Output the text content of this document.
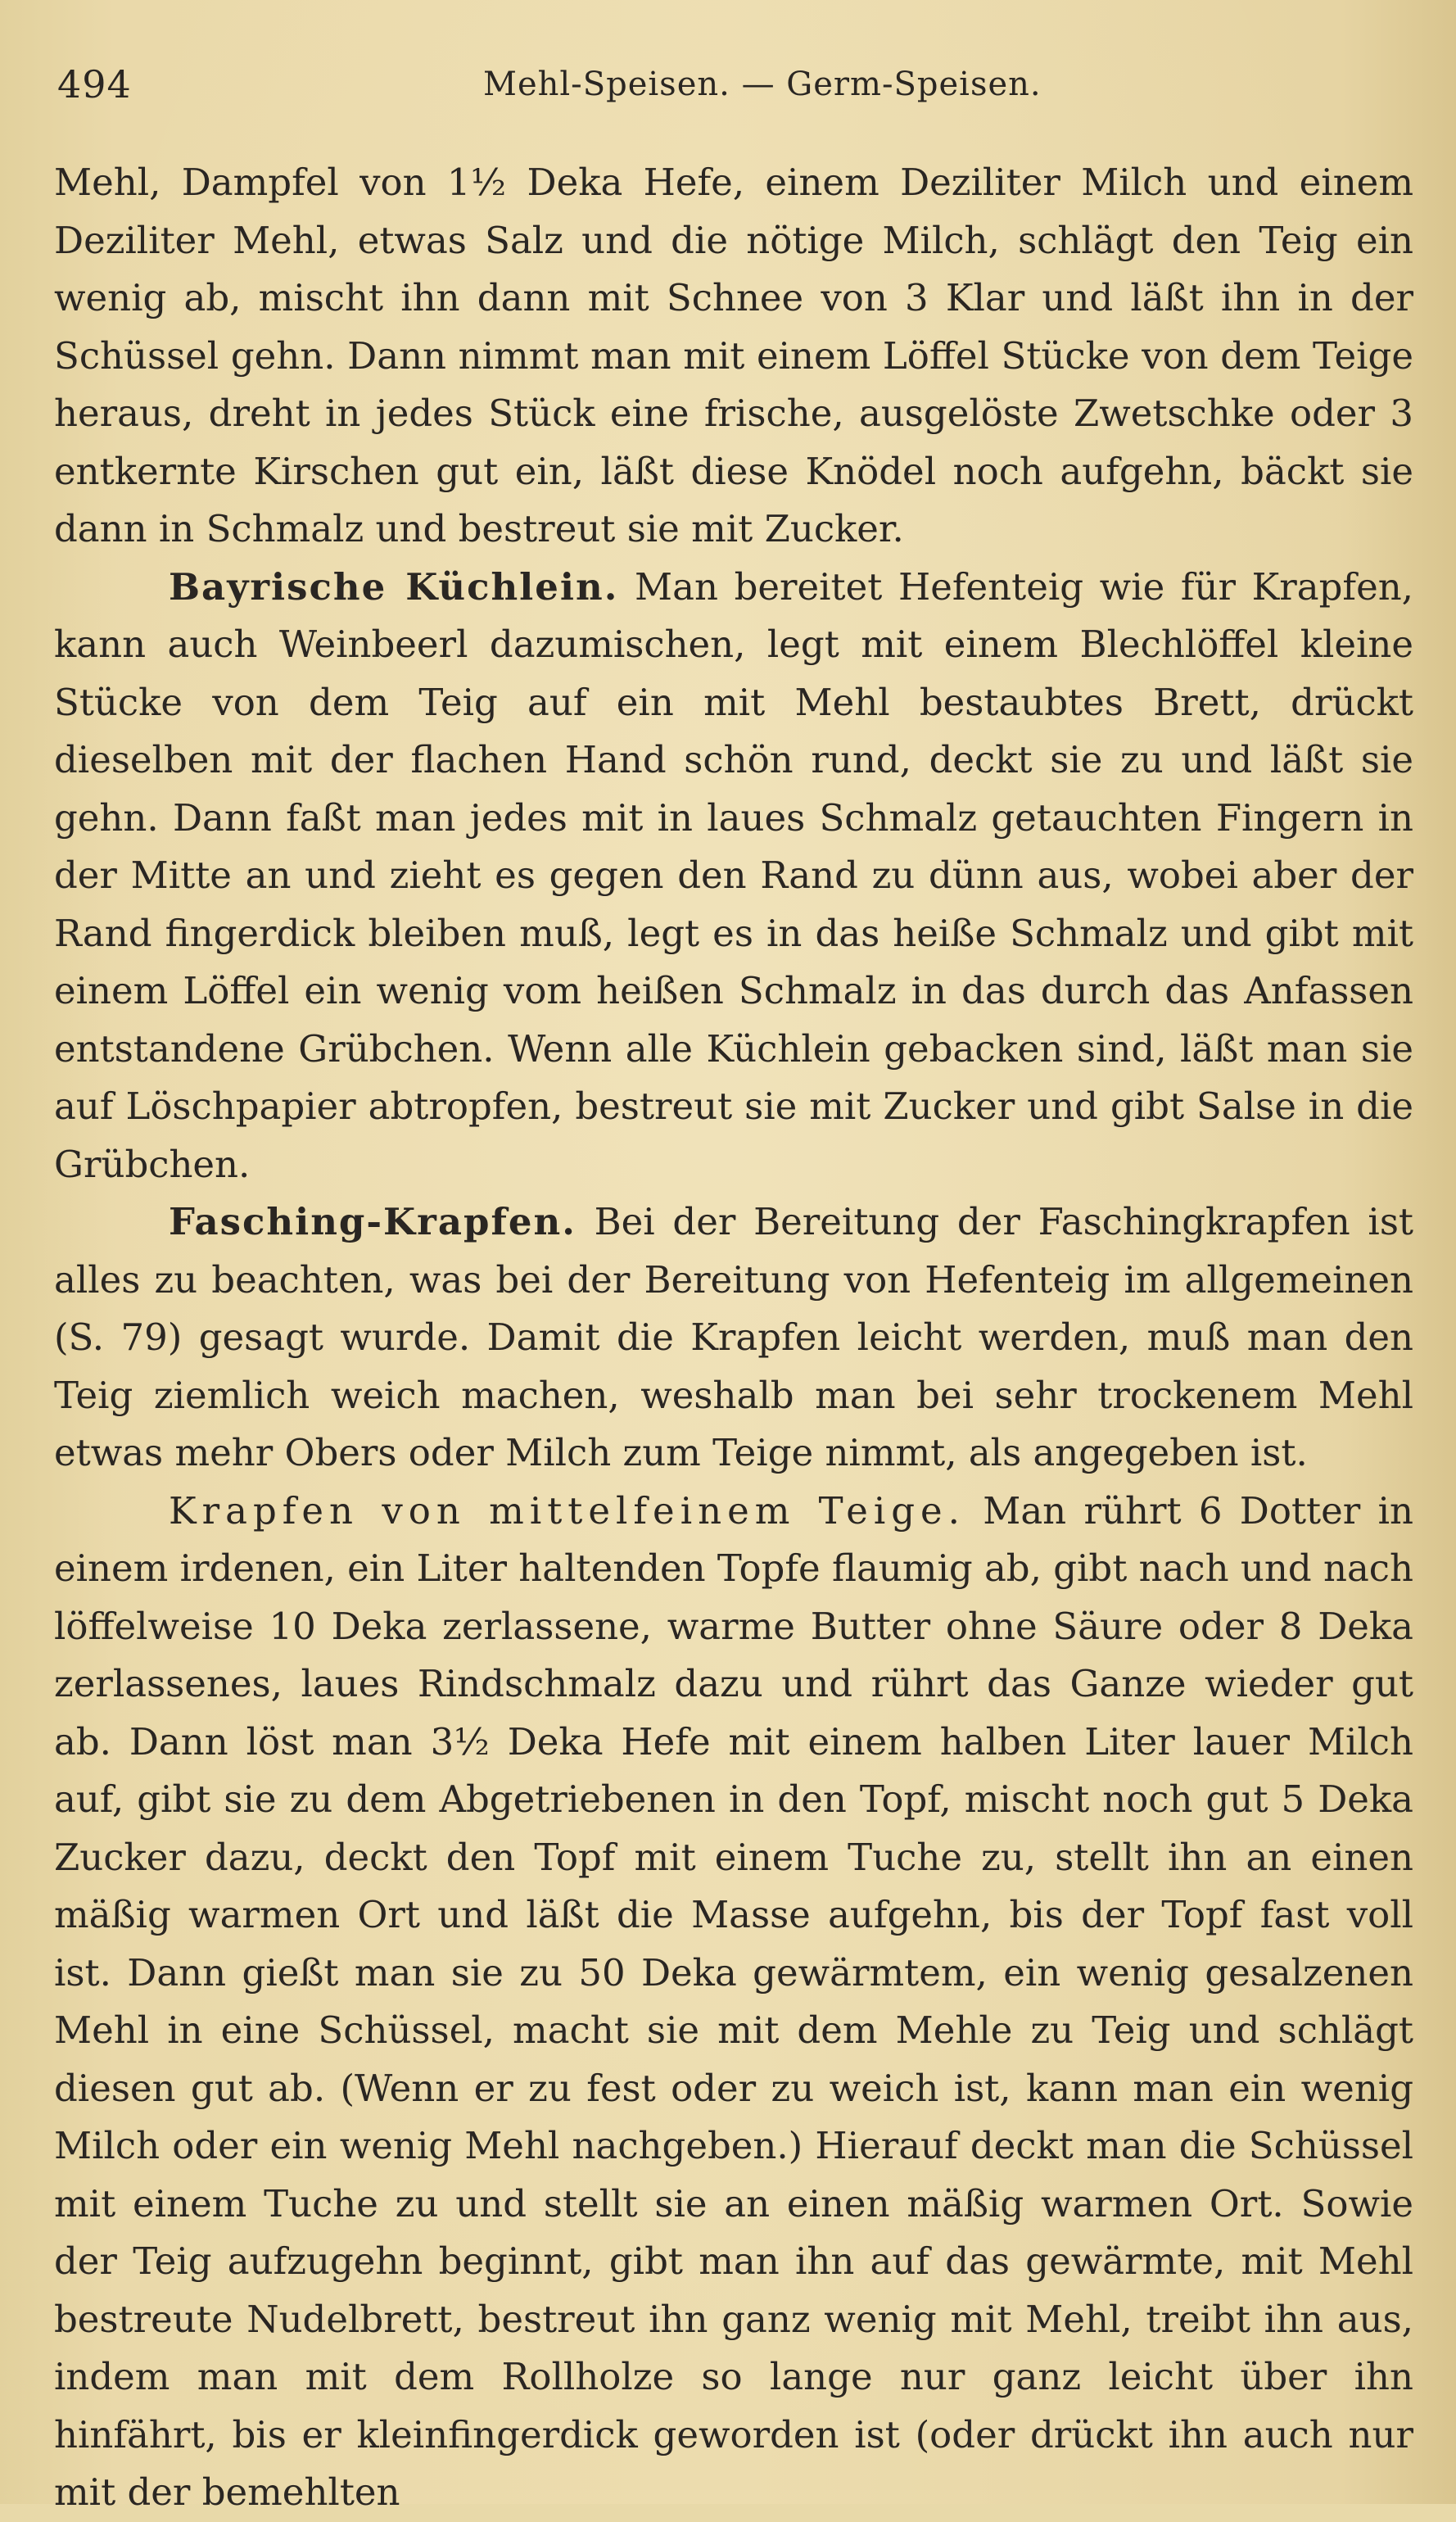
494	Mehl-Speisen. — Germ-Speisen.

Mehl, Dampfel von 1½ Deka Hefe, einem Deziliter Milch und einem Deziliter Mehl, etwas Salz und die nötige Milch, schlägt den Teig ein wenig ab, mischt ihn dann mit Schnee von 3 Klar und läßt ihn in der Schüssel gehn. Dann nimmt man mit einem Löffel Stücke von dem Teige heraus, dreht in jedes Stück eine frische, ausgelöste Zwetschke oder 3 entkernte Kirschen gut ein, läßt diese Knödel noch aufgehn, bäckt sie dann in Schmalz und bestreut sie mit Zucker.

Bayrische Küchlein. Man bereitet Hefenteig wie für Krapfen, kann auch Weinbeerl dazumischen, legt mit einem Blechlöffel kleine Stücke von dem Teig auf ein mit Mehl bestaubtes Brett, drückt dieselben mit der flachen Hand schön rund, deckt sie zu und läßt sie gehn. Dann faßt man jedes mit in laues Schmalz getauchten Fingern in der Mitte an und zieht es gegen den Rand zu dünn aus, wobei aber der Rand fingerdick bleiben muß, legt es in das heiße Schmalz und gibt mit einem Löffel ein wenig vom heißen Schmalz in das durch das Anfassen entstandene Grübchen. Wenn alle Küchlein gebacken sind, läßt man sie auf Löschpapier abtropfen, bestreut sie mit Zucker und gibt Salse in die Grübchen.

Fasching-Krapfen. Bei der Bereitung der Faschingkrapfen ist alles zu beachten, was bei der Bereitung von Hefenteig im allgemeinen (S. 79) gesagt wurde. Damit die Krapfen leicht werden, muß man den Teig ziemlich weich machen, weshalb man bei sehr trockenem Mehl etwas mehr Obers oder Milch zum Teige nimmt, als angegeben ist.

Krapfen von mittelfeinem Teige. Man rührt 6 Dotter in einem irdenen, ein Liter haltenden Topfe flaumig ab, gibt nach und nach löffelweise 10 Deka zerlassene, warme Butter ohne Säure oder 8 Deka zerlassenes, laues Rindschmalz dazu und rührt das Ganze wieder gut ab. Dann löst man 3½ Deka Hefe mit einem halben Liter lauer Milch auf, gibt sie zu dem Abgetriebenen in den Topf, mischt noch gut 5 Deka Zucker dazu, deckt den Topf mit einem Tuche zu, stellt ihn an einen mäßig warmen Ort und läßt die Masse aufgehn, bis der Topf fast voll ist. Dann gießt man sie zu 50 Deka gewärmtem, ein wenig gesalzenen Mehl in eine Schüssel, macht sie mit dem Mehle zu Teig und schlägt diesen gut ab. (Wenn er zu fest oder zu weich ist, kann man ein wenig Milch oder ein wenig Mehl nachgeben.) Hierauf deckt man die Schüssel mit einem Tuche zu und stellt sie an einen mäßig warmen Ort. Sowie der Teig aufzugehn beginnt, gibt man ihn auf das gewärmte, mit Mehl bestreute Nudelbrett, bestreut ihn ganz wenig mit Mehl, treibt ihn aus, indem man mit dem Rollholze so lange nur ganz leicht über ihn hinfährt, bis er kleinfingerdick geworden ist (oder drückt ihn auch nur mit der bemehlten
